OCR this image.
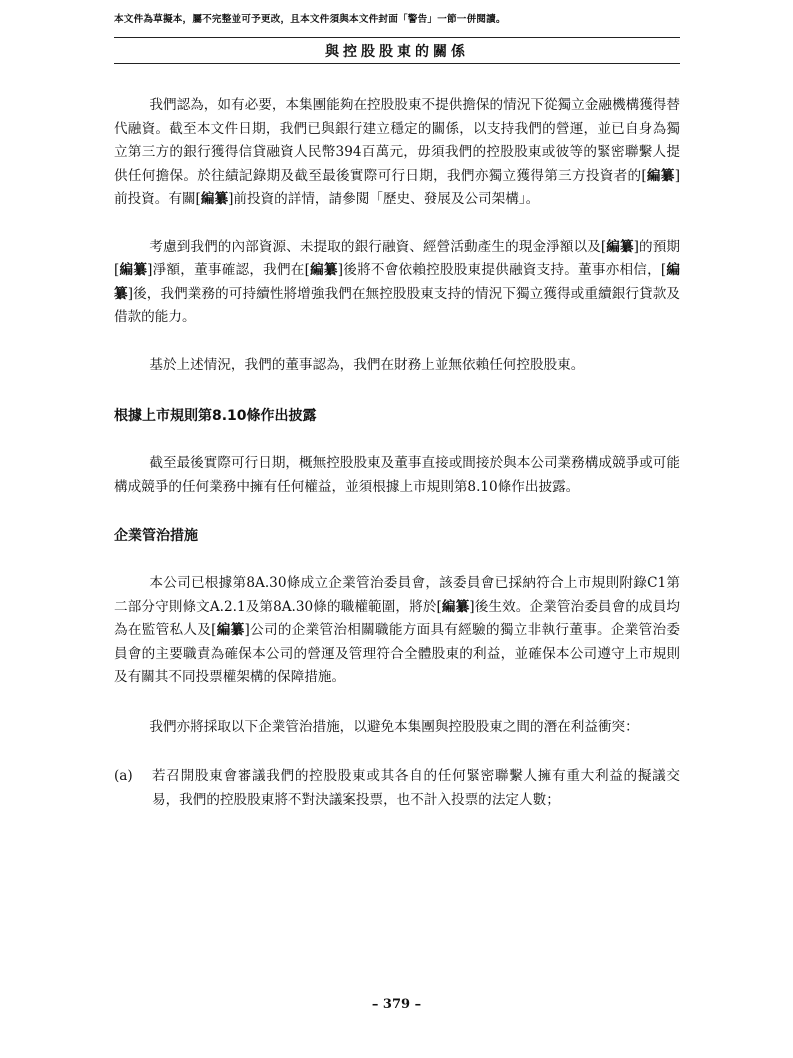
本文件為草擬本，屬不完整並可予更改，且本文件須與本文件封面「警告」一節一併閱讀。
與控股股東的關係

我們認為，如有必要，本集團能夠在控股股東不提供擔保的情況下從獨立金融機構獲得替代融資。截至本文件日期，我們已與銀行建立穩定的關係，以支持我們的營運，並已自身為獨立第三方的銀行獲得信貸融資人民幣394百萬元，毋須我們的控股股東或彼等的緊密聯繫人提供任何擔保。於往績記錄期及截至最後實際可行日期，我們亦獨立獲得第三方投資者的[編纂]前投資。有關[編纂]前投資的詳情，請參閱「歷史、發展及公司架構」。

考慮到我們的內部資源、未提取的銀行融資、經營活動產生的現金淨額以及[編纂]的預期[編纂]淨額，董事確認，我們在[編纂]後將不會依賴控股股東提供融資支持。董事亦相信，[編纂]後，我們業務的可持續性將增強我們在無控股股東支持的情況下獨立獲得或重續銀行貸款及借款的能力。

基於上述情況，我們的董事認為，我們在財務上並無依賴任何控股股東。

根據上市規則第8.10條作出披露

截至最後實際可行日期，概無控股股東及董事直接或間接於與本公司業務構成競爭或可能構成競爭的任何業務中擁有任何權益，並須根據上市規則第8.10條作出披露。

企業管治措施

本公司已根據第8A.30條成立企業管治委員會，該委員會已採納符合上市規則附錄C1第二部分守則條文A.2.1及第8A.30條的職權範圍，將於[編纂]後生效。企業管治委員會的成員均為在監管私人及[編纂]公司的企業管治相關職能方面具有經驗的獨立非執行董事。企業管治委員會的主要職責為確保本公司的營運及管理符合全體股東的利益，並確保本公司遵守上市規則及有關其不同投票權架構的保障措施。

我們亦將採取以下企業管治措施，以避免本集團與控股股東之間的潛在利益衝突：

(a)	若召開股東會審議我們的控股股東或其各自的任何緊密聯繫人擁有重大利益的擬議交易，我們的控股股東將不對決議案投票，也不計入投票的法定人數；

– 379 –
